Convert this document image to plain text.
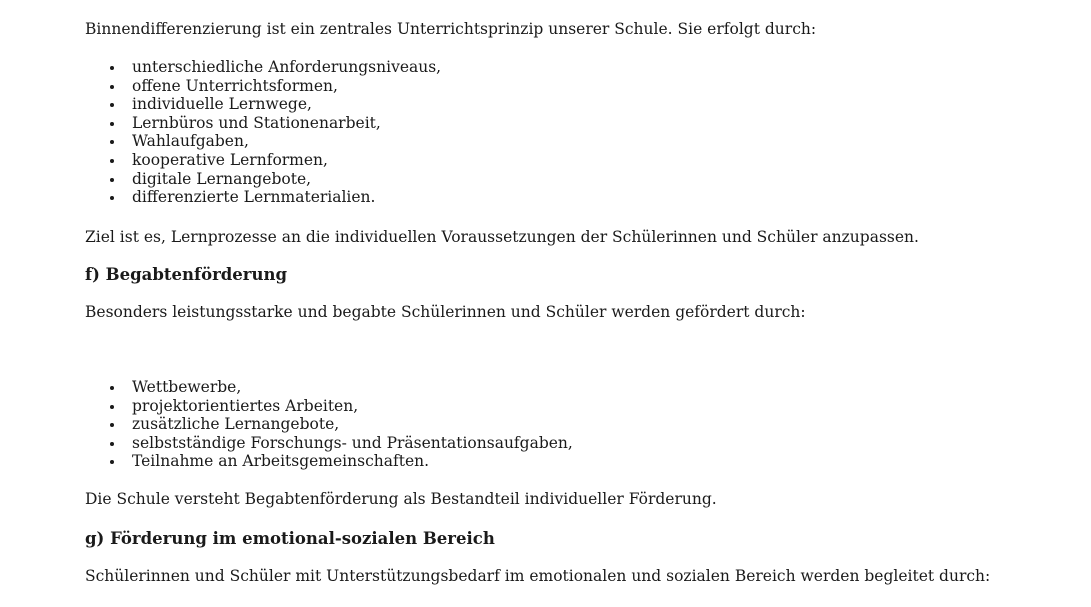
Binnendifferenzierung ist ein zentrales Unterrichtsprinzip unserer Schule. Sie erfolgt durch:

unterschiedliche Anforderungsniveaus,
offene Unterrichtsformen,
individuelle Lernwege,
Lernbüros und Stationenarbeit,
Wahlaufgaben,
kooperative Lernformen,
digitale Lernangebote,
differenzierte Lernmaterialien.

Ziel ist es, Lernprozesse an die individuellen Voraussetzungen der Schülerinnen und Schüler anzupassen.

f) Begabtenförderung

Besonders leistungsstarke und begabte Schülerinnen und Schüler werden gefördert durch:

Wettbewerbe,
projektorientiertes Arbeiten,
zusätzliche Lernangebote,
selbstständige Forschungs- und Präsentationsaufgaben,
Teilnahme an Arbeitsgemeinschaften.

Die Schule versteht Begabtenförderung als Bestandteil individueller Förderung.

g) Förderung im emotional-sozialen Bereich

Schülerinnen und Schüler mit Unterstützungsbedarf im emotionalen und sozialen Bereich werden begleitet durch:
